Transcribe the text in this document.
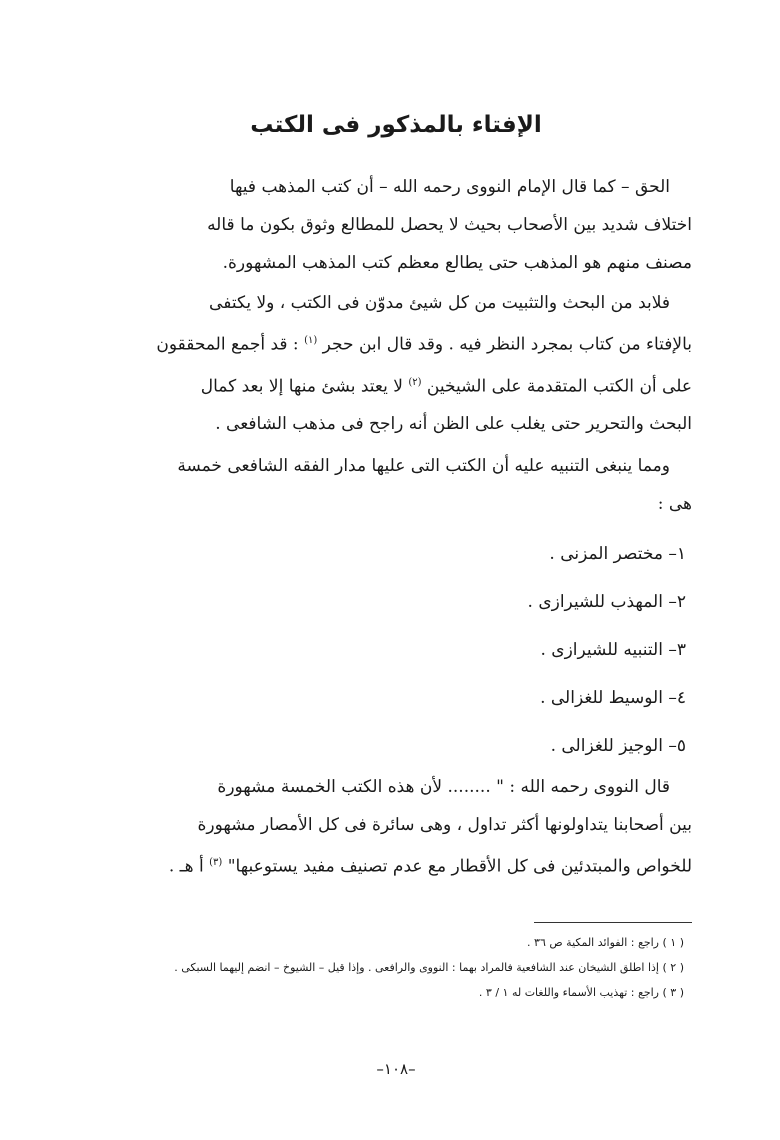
الإفتاء بالمذكور فى الكتب
الحق – كما قال الإمام النووى رحمه الله – أن كتب المذهب فيها
اختلاف شديد بين الأصحاب بحيث لا يحصل للمطالع وثوق بكون ما قاله
مصنف منهم هو المذهب حتى يطالع معظم كتب المذهب المشهورة.
فلابد من البحث والتثبيت من كل شيئ مدوّن فى الكتب ، ولا يكتفى
بالإفتاء من كتاب بمجرد النظر فيه . وقد قال ابن حجر $^{(١)}$ : قد أجمع المحققون
على أن الكتب المتقدمة على الشيخين $^{(٢)}$ لا يعتد بشئ منها إلا بعد كمال
البحث والتحرير حتى يغلب على الظن أنه راجح فى مذهب الشافعى .
ومما ينبغى التنبيه عليه أن الكتب التى عليها مدار الفقه الشافعى خمسة
هى :
١– مختصر المزنى .
٢– المهذب للشيرازى .
٣– التنبيه للشيرازى .
٤– الوسيط للغزالى .
٥– الوجيز للغزالى .
قال النووى رحمه الله : " ........ لأن هذه الكتب الخمسة مشهورة
بين أصحابنا يتداولونها أكثر تداول ، وهى سائرة فى كل الأمصار مشهورة
للخواص والمبتدئين فى كل الأقطار مع عدم تصنيف مفيد يستوعبها" $^{(٣)}$ أ هـ .
( ١ ) راجع : الفوائد المكية ص ٣٦ .
( ٢ ) إذا اطلق الشيخان عند الشافعية فالمراد بهما : النووى والرافعى . وإذا قيل – الشيوخ – انضم إليهما السبكى .
( ٣ ) راجع : تهذيب الأسماء واللغات له ١ / ٣ .
–١٠٨–
